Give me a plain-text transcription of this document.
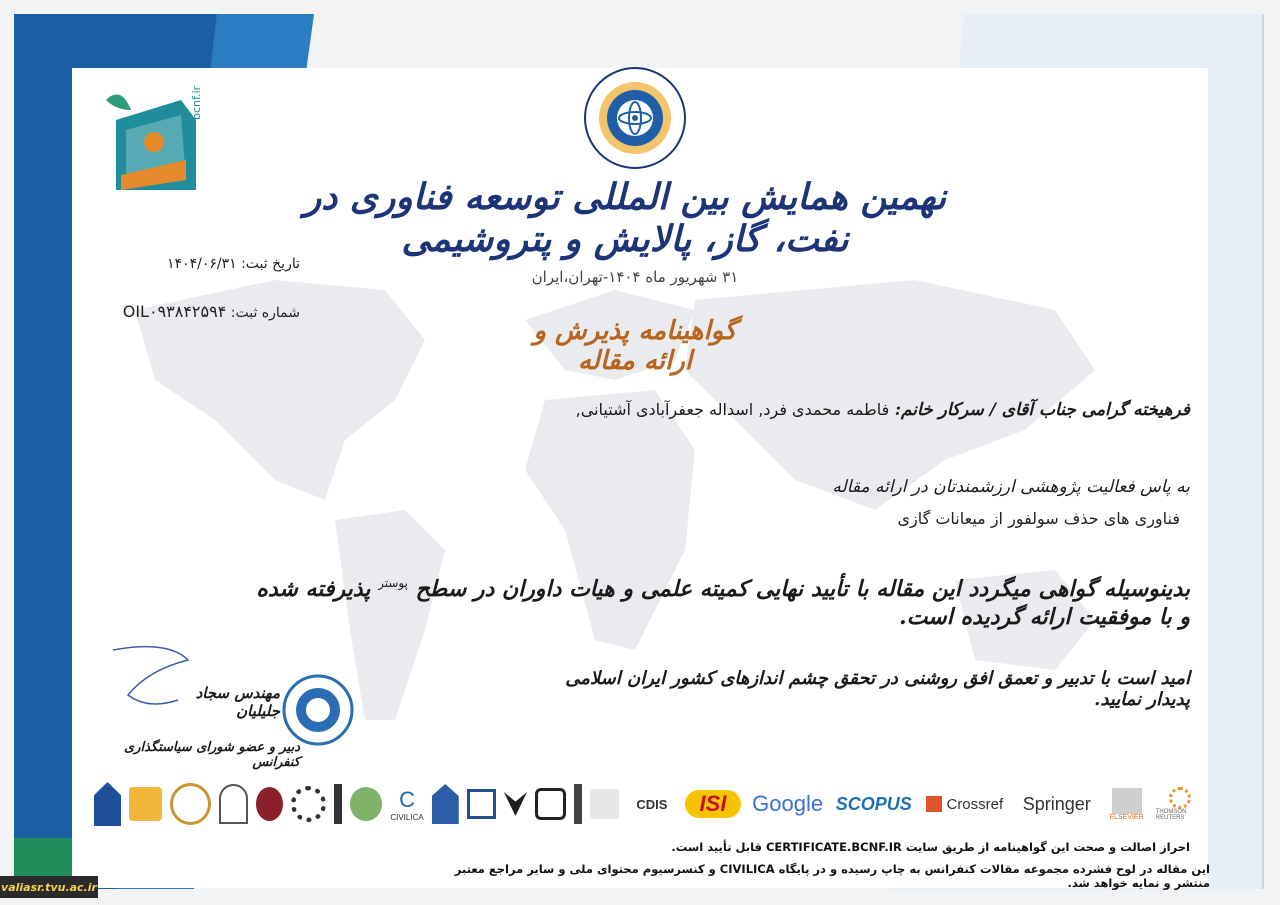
bcnf.ir
نهمین همایش بین المللی توسعه فناوری در نفت، گاز، پالایش و پتروشیمی
۳۱ شهریور ماه ۱۴۰۴-تهران،ایران
گواهینامه پذیرش و ارائه مقاله
تاریخ ثبت: ۱۴۰۴/۰۶/۳۱
شماره ثبت: OIL۰۹۳۸۴۲۵۹۴
فرهیخته گرامی جناب آقای / سرکار خانم: فاطمه محمدی فرد, اسداله جعفرآبادی آشتیانی,
به پاس فعالیت پژوهشی ارزشمندتان در ارائه مقاله
فناوری های حذف سولفور از میعانات گازی
بدینوسیله گواهی میگردد این مقاله با تأیید نهایی کمیته علمی و هیات داوران در سطح $^{پوستر}$ پذیرفته شده و با موفقیت ارائه گردیده است.
امید است با تدبیر و تعمق افق روشنی در تحقق چشم اندازهای کشور ایران اسلامی پدیدار نمایید.
مهندس سجاد جلیلیان
دبیر و عضو شورای سیاستگذاری کنفرانس
C
CIVILICA
CDIS	ISI	Google SCOPUS Crossref	Springer
ELSEVIER
THOMSON REUTERS
احراز اصالت و صحت این گواهینامه از طریق سایت CERTIFICATE.BCNF.IR قابل تأیید است.
این مقاله در لوح فشرده مجموعه مقالات کنفرانس به چاپ رسیده و در پایگاه CIVILICA و کنسرسیوم محتوای ملی و سایر مراجع معتبر منتشر و نمایه خواهد شد.
valiasr.tvu.ac.ir
